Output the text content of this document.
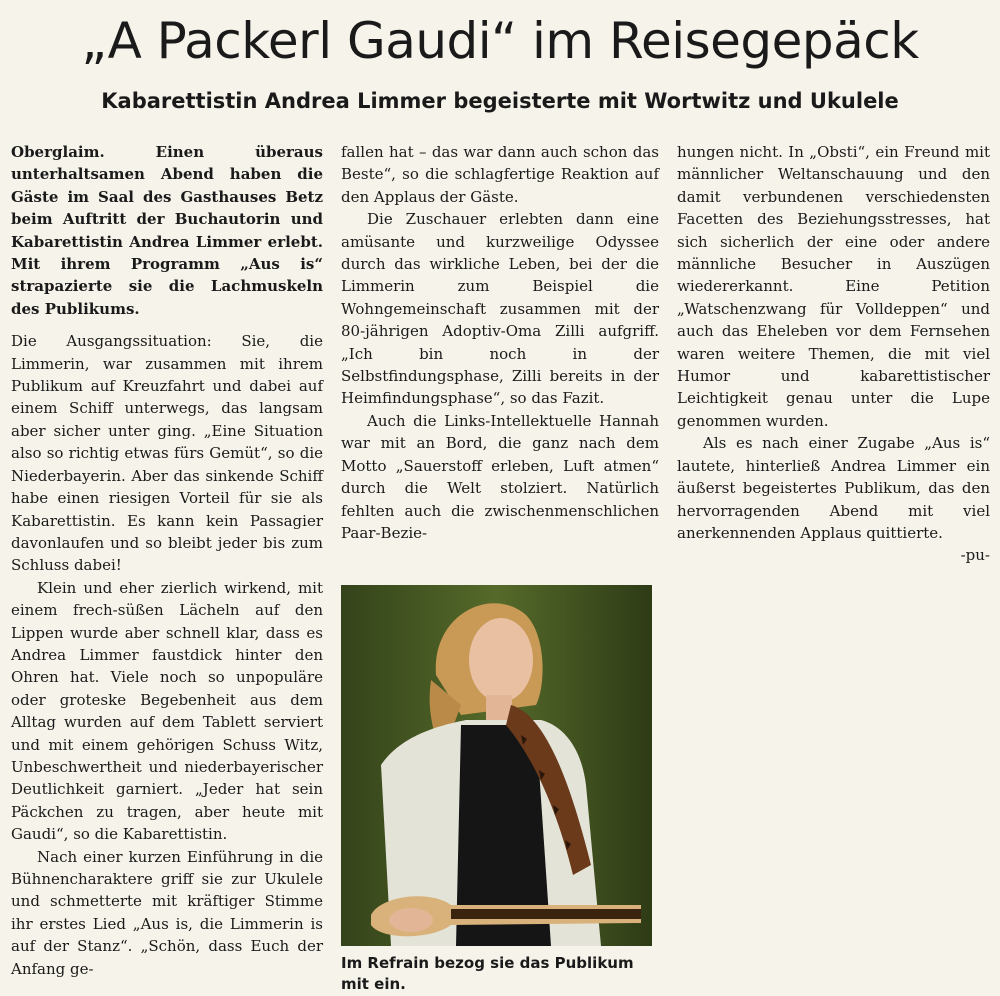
„A Packerl Gaudi“ im Reisegepäck
Kabarettistin Andrea Limmer begeisterte mit Wortwitz und Ukulele

Oberglaim. Einen überaus unterhaltsamen Abend haben die Gäste im Saal des Gasthauses Betz beim Auftritt der Buchautorin und Kabarettistin Andrea Limmer erlebt. Mit ihrem Programm „Aus is“ strapazierte sie die Lachmuskeln des Publikums.

Die Ausgangssituation: Sie, die Limmerin, war zusammen mit ihrem Publikum auf Kreuzfahrt und dabei auf einem Schiff unterwegs, das langsam aber sicher unter ging. „Eine Situation also so richtig etwas fürs Gemüt“, so die Niederbayerin. Aber das sinkende Schiff habe einen riesigen Vorteil für sie als Kabarettistin. Es kann kein Passagier davonlaufen und so bleibt jeder bis zum Schluss dabei!

Klein und eher zierlich wirkend, mit einem frech-süßen Lächeln auf den Lippen wurde aber schnell klar, dass es Andrea Limmer faustdick hinter den Ohren hat. Viele noch so unpopuläre oder groteske Begebenheit aus dem Alltag wurden auf dem Tablett serviert und mit einem gehörigen Schuss Witz, Unbeschwertheit und niederbayerischer Deutlichkeit garniert. „Jeder hat sein Päckchen zu tragen, aber heute mit Gaudi“, so die Kabarettistin.

Nach einer kurzen Einführung in die Bühnencharaktere griff sie zur Ukulele und schmetterte mit kräftiger Stimme ihr erstes Lied „Aus is, die Limmerin is auf der Stanz“. „Schön, dass Euch der Anfang ge-

fallen hat – das war dann auch schon das Beste“, so die schlagfertige Reaktion auf den Applaus der Gäste.

Die Zuschauer erlebten dann eine amüsante und kurzweilige Odyssee durch das wirkliche Leben, bei der die Limmerin zum Beispiel die Wohngemeinschaft zusammen mit der 80-jährigen Adoptiv-Oma Zilli aufgriff. „Ich bin noch in der Selbstfindungsphase, Zilli bereits in der Heimfindungsphase“, so das Fazit.

Auch die Links-Intellektuelle Hannah war mit an Bord, die ganz nach dem Motto „Sauerstoff erleben, Luft atmen“ durch die Welt stolziert. Natürlich fehlten auch die zwischenmenschlichen Paar-Bezie-

Im Refrain bezog sie das Publikum mit ein.

hungen nicht. In „Obsti“, ein Freund mit männlicher Weltanschauung und den damit verbundenen verschiedensten Facetten des Beziehungsstresses, hat sich sicherlich der eine oder andere männliche Besucher in Auszügen wiedererkannt. Eine Petition „Watschenzwang für Volldeppen“ und auch das Eheleben vor dem Fernsehen waren weitere Themen, die mit viel Humor und kabarettistischer Leichtigkeit genau unter die Lupe genommen wurden.

Als es nach einer Zugabe „Aus is“ lautete, hinterließ Andrea Limmer ein äußerst begeistertes Publikum, das den hervorragenden Abend mit viel anerkennenden Applaus quittierte.
-pu-
